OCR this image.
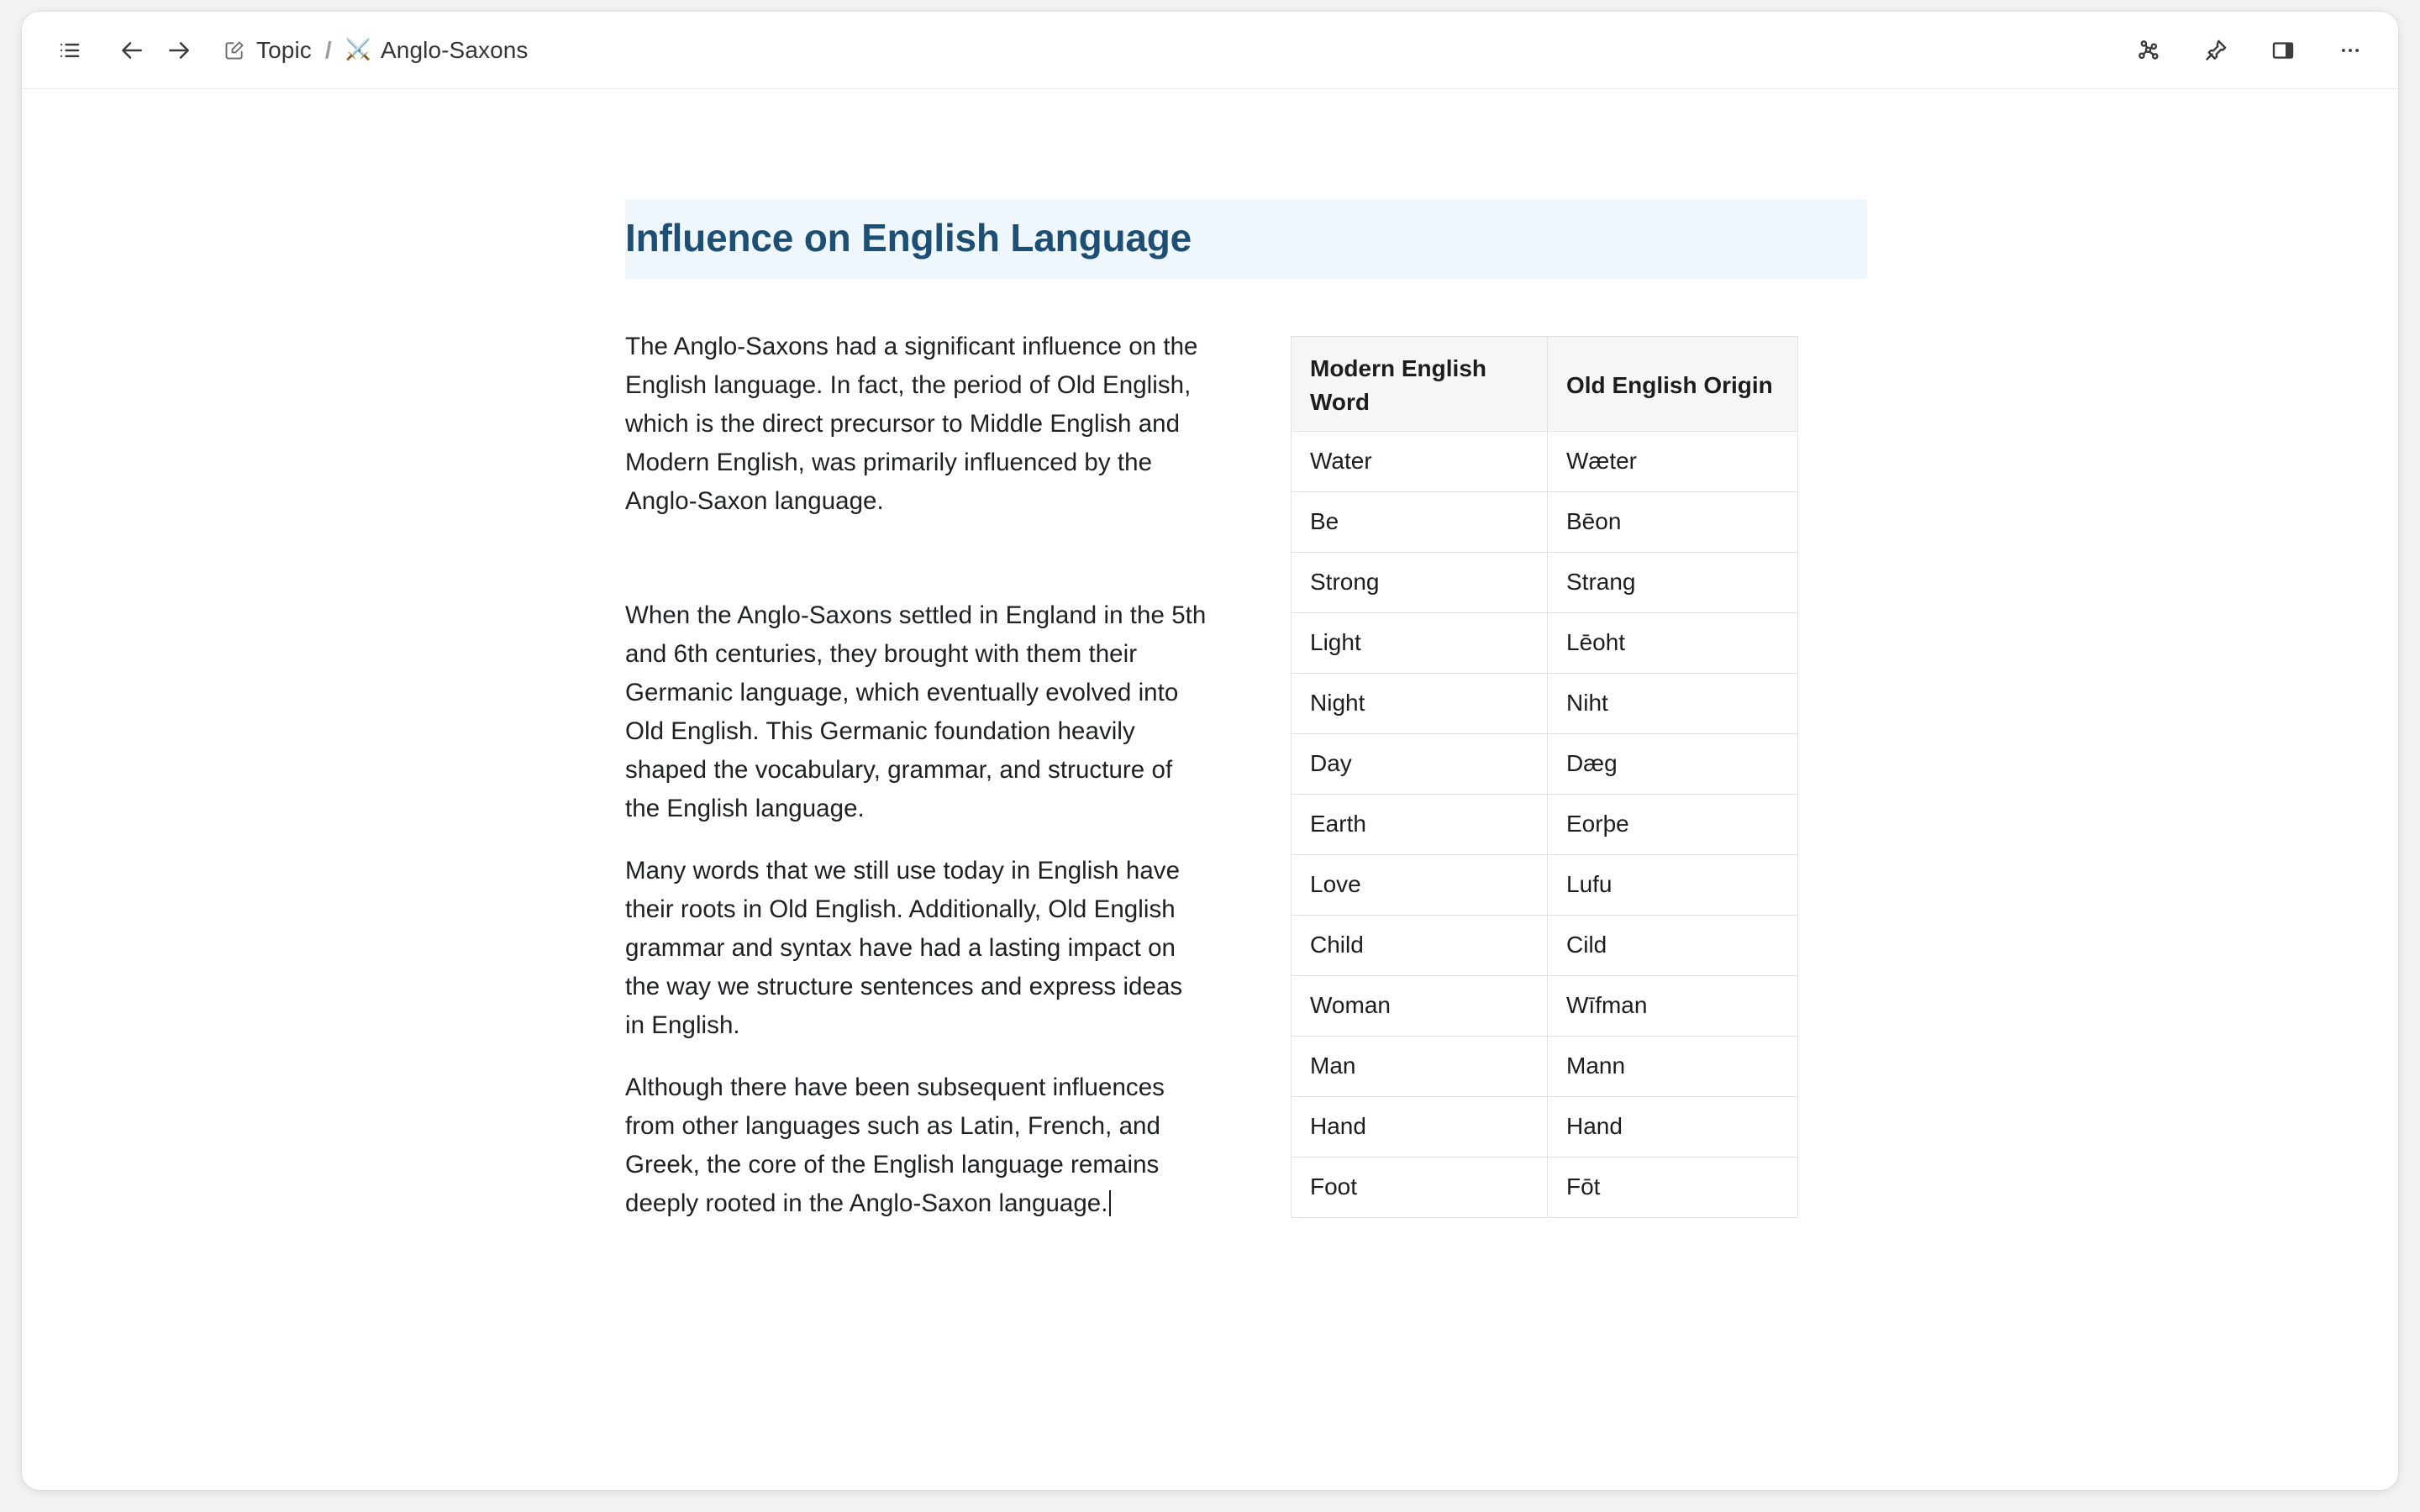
Topic / ⚔️ Anglo-Saxons
Influence on English Language

The Anglo-Saxons had a significant influence on the English language. In fact, the period of Old English, which is the direct precursor to Middle English and Modern English, was primarily influenced by the Anglo-Saxon language.

When the Anglo-Saxons settled in England in the 5th and 6th centuries, they brought with them their Germanic language, which eventually evolved into Old English. This Germanic foundation heavily shaped the vocabulary, grammar, and structure of the English language.

Many words that we still use today in English have their roots in Old English. Additionally, Old English grammar and syntax have had a lasting impact on the way we structure sentences and express ideas in English.

Although there have been subsequent influences from other languages such as Latin, French, and Greek, the core of the English language remains deeply rooted in the Anglo-Saxon language.

Modern English Word	Old English Origin
Water	Wæter
Be	Bēon
Strong	Strang
Light	Lēoht
Night	Niht
Day	Dæg
Earth	Eorþe
Love	Lufu
Child	Cild
Woman	Wīfman
Man	Mann
Hand	Hand
Foot	Fōt
